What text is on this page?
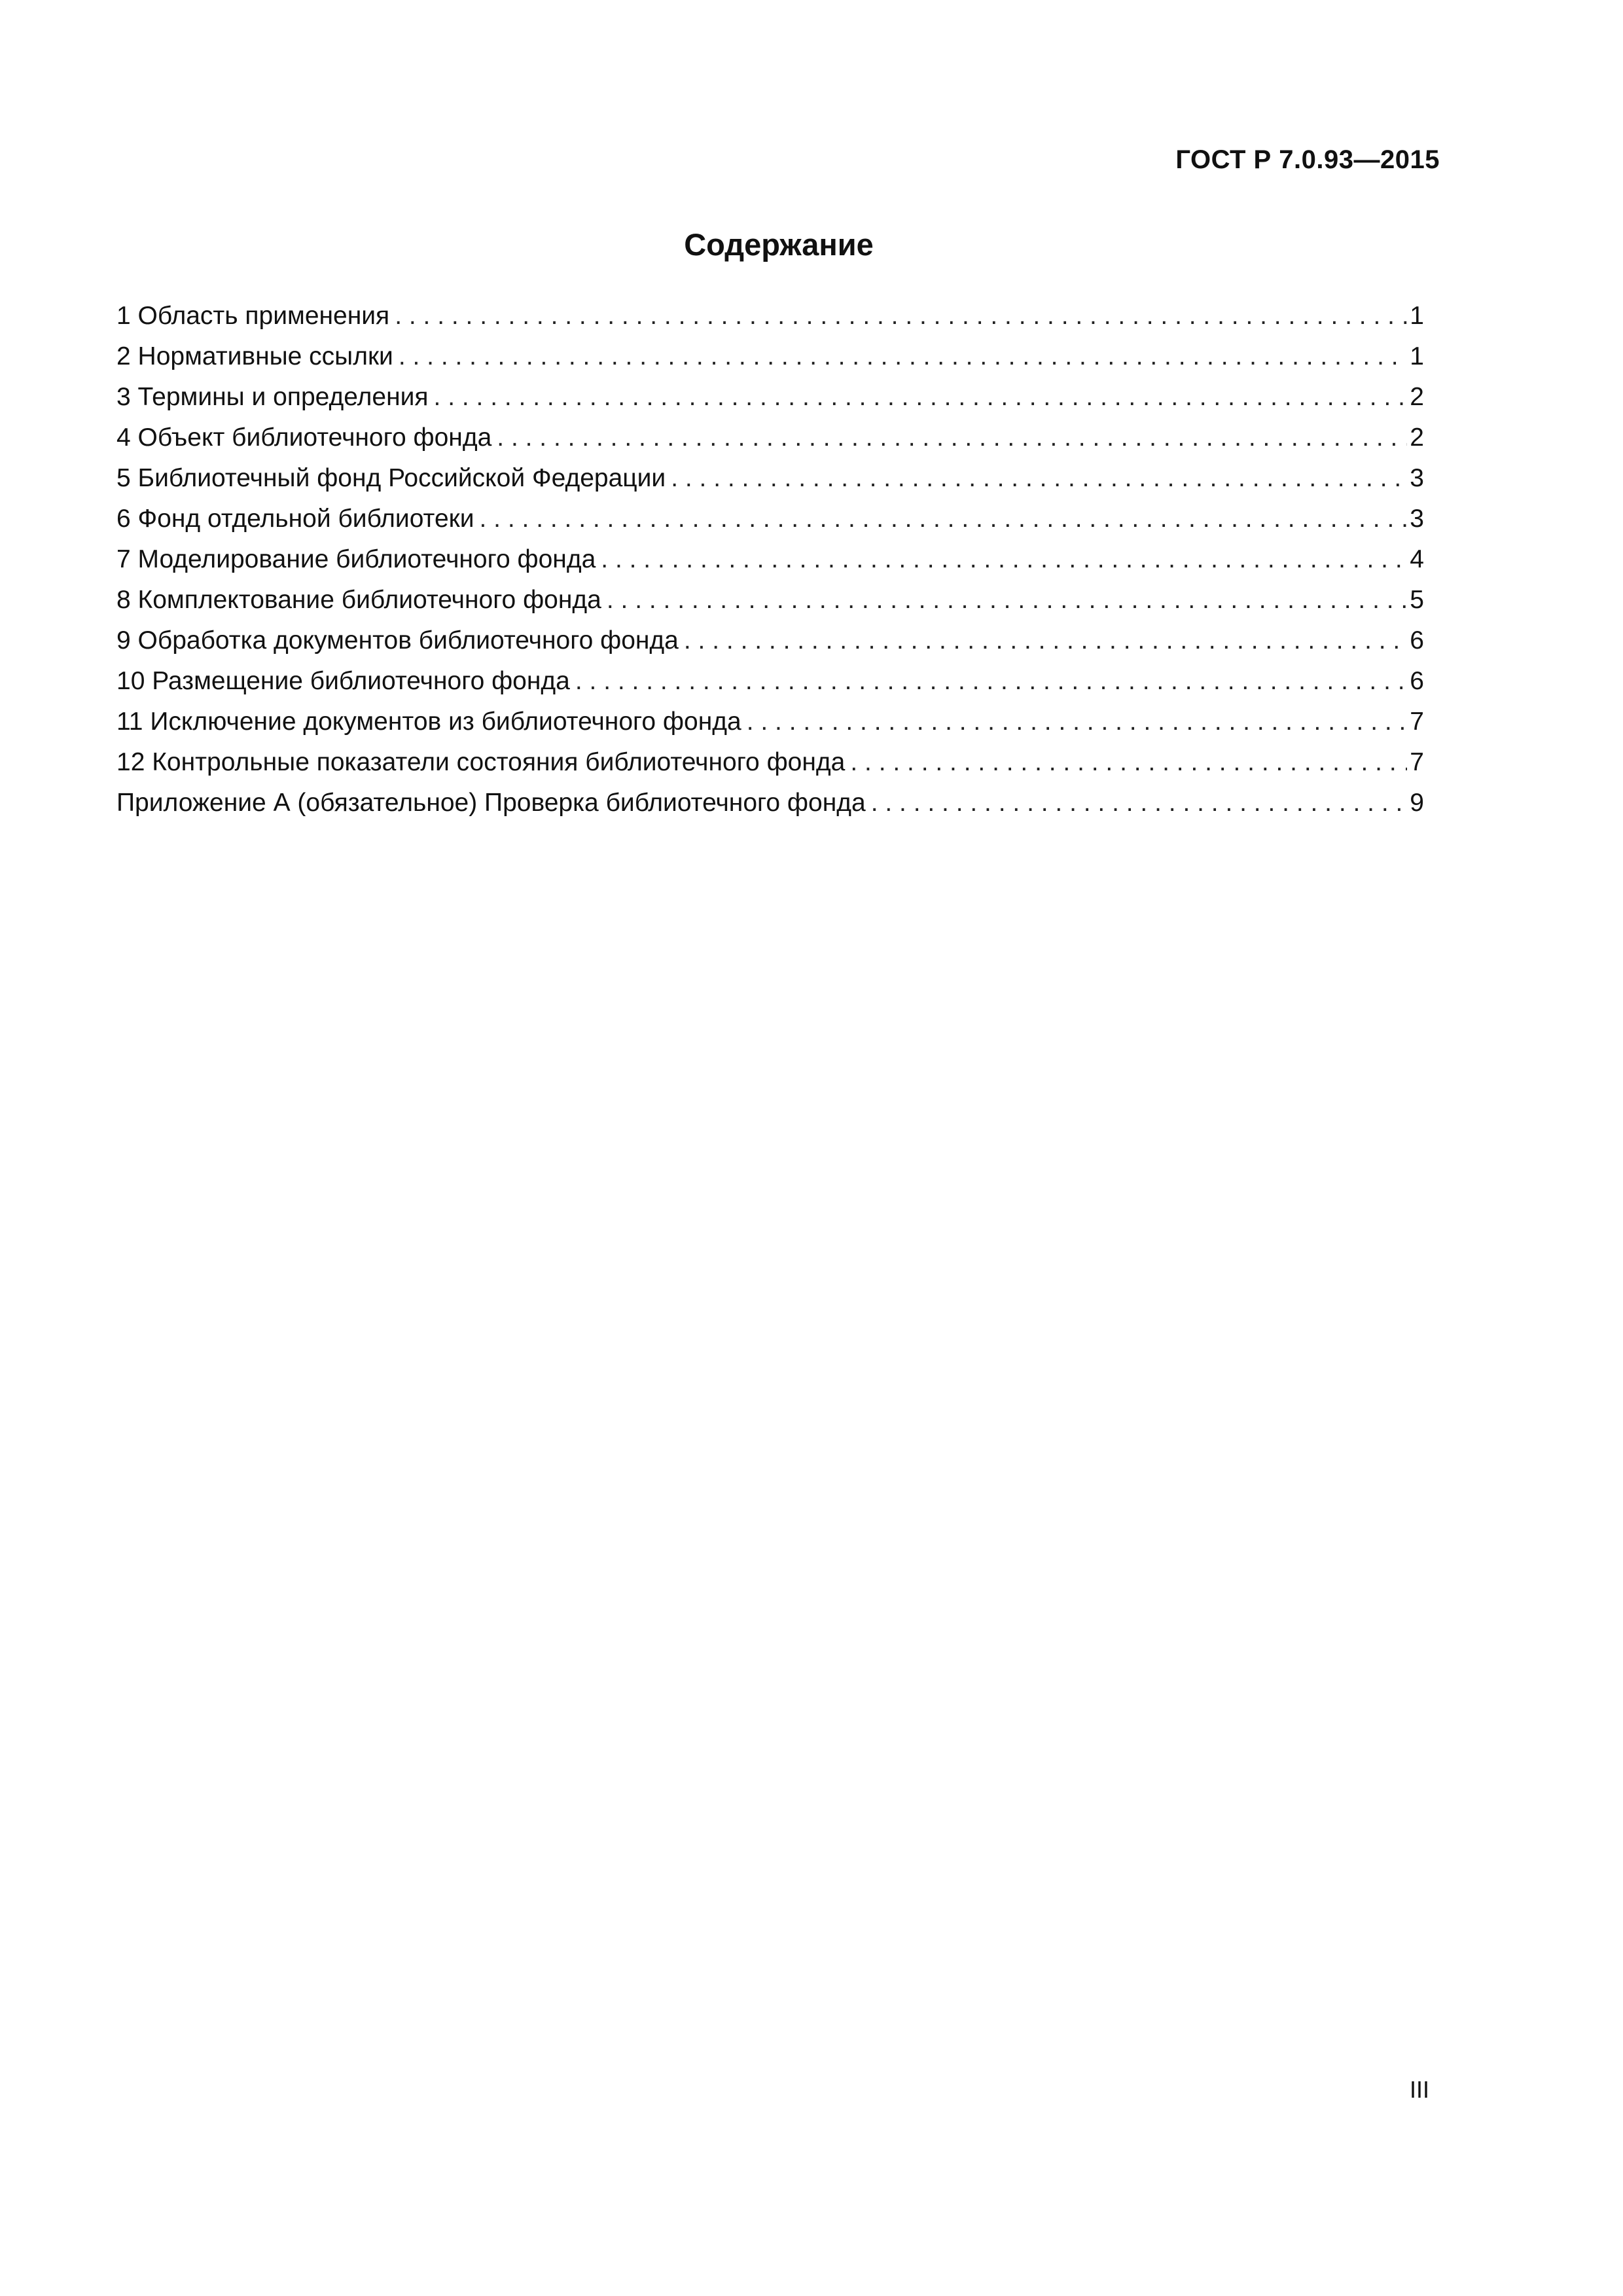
ГОСТ Р 7.0.93—2015
Содержание
1 Область применения . . .	1
2 Нормативные ссылки . . .	1
3 Термины и определения . . .	2
4 Объект библиотечного фонда . . .	2
5 Библиотечный фонд Российской Федерации . . .	3
6 Фонд отдельной библиотеки . . .	3
7 Моделирование библиотечного фонда . . .	4
8 Комплектование библиотечного фонда . . .	5
9 Обработка документов библиотечного фонда . . .	6
10 Размещение библиотечного фонда . . .	6
11 Исключение документов из библиотечного фонда . . .	7
12 Контрольные показатели состояния библиотечного фонда . . .	7
Приложение А (обязательное) Проверка библиотечного фонда . . .	9
III
